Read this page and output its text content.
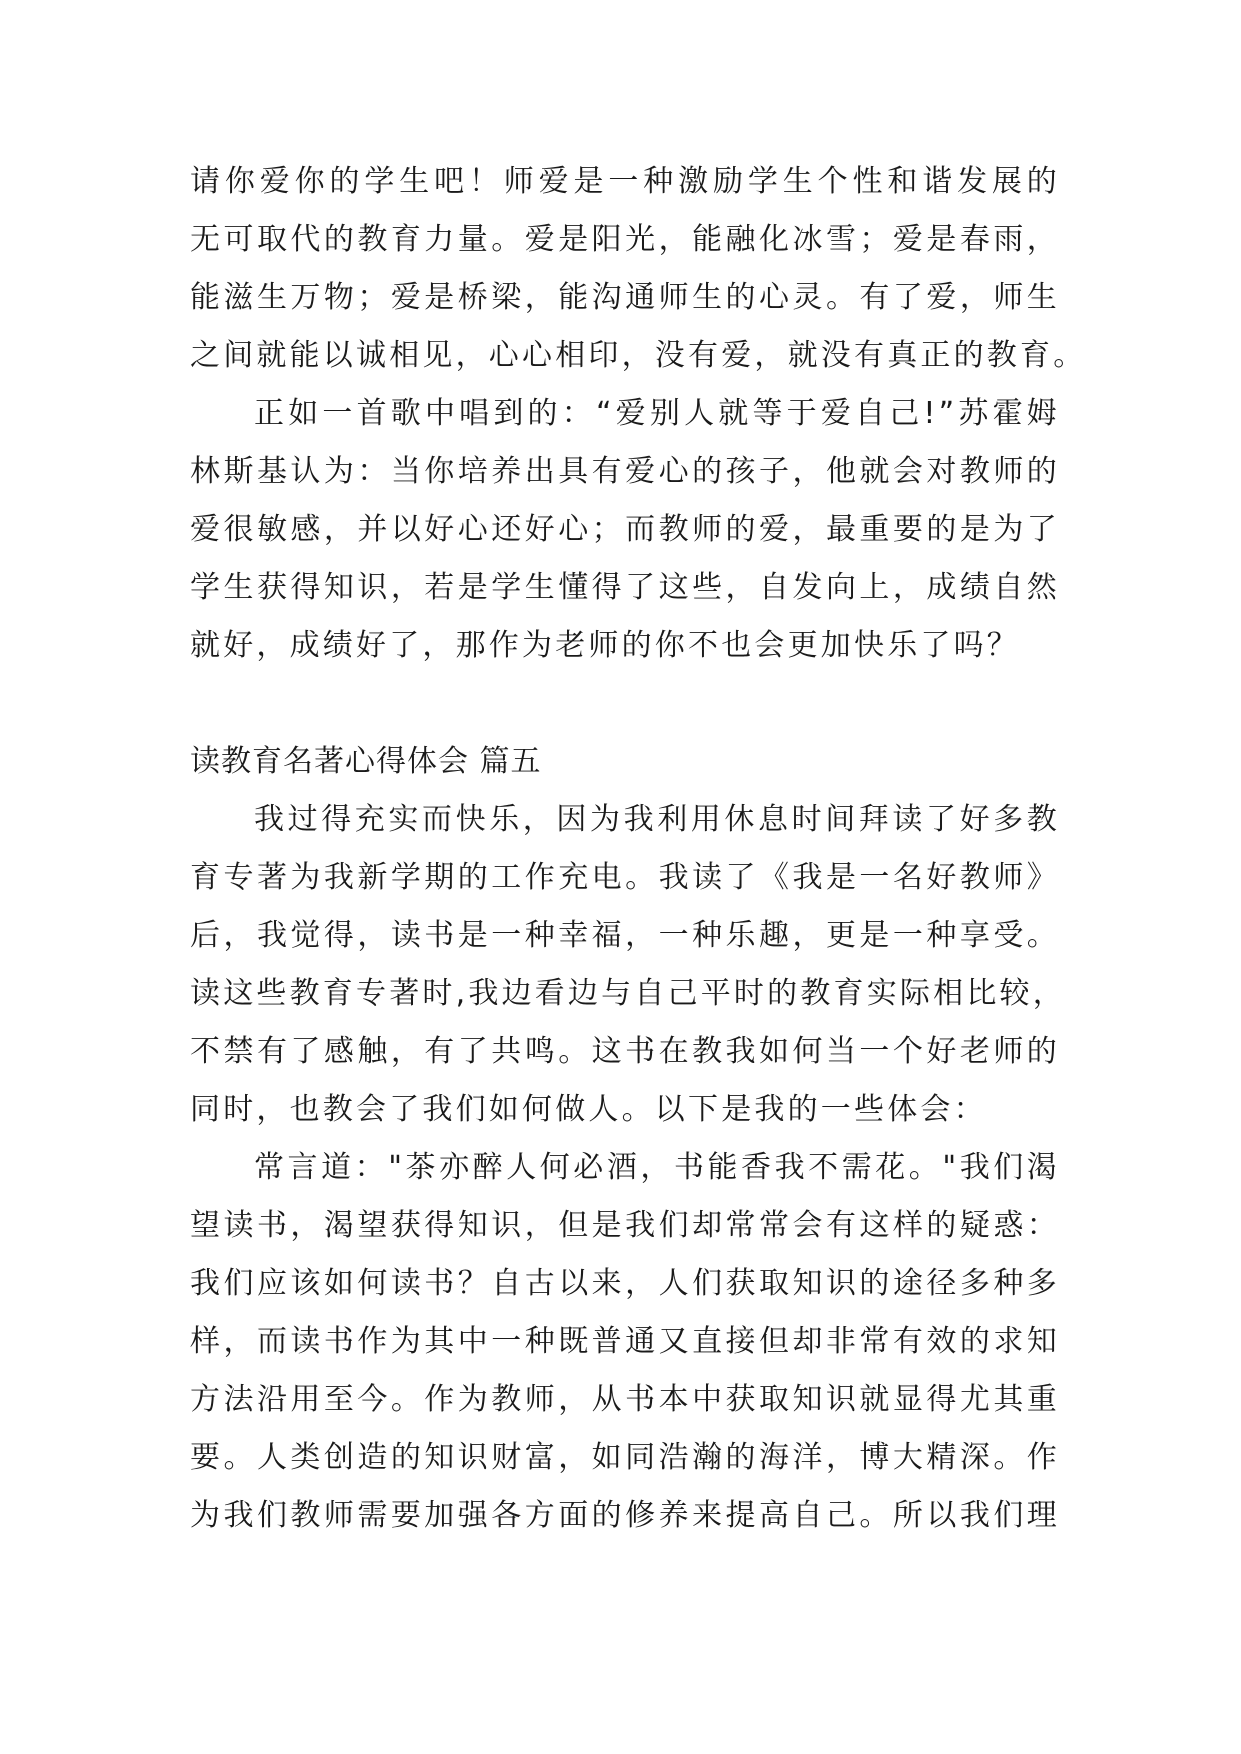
请你爱你的学生吧！师爱是一种激励学生个性和谐发展的
无可取代的教育力量。爱是阳光，能融化冰雪；爱是春雨，
能滋生万物；爱是桥梁，能沟通师生的心灵。有了爱，师生
之间就能以诚相见，心心相印，没有爱，就没有真正的教育。
正如一首歌中唱到的：“爱别人就等于爱自己!”苏霍姆
林斯基认为：当你培养出具有爱心的孩子，他就会对教师的
爱很敏感，并以好心还好心；而教师的爱，最重要的是为了
学生获得知识，若是学生懂得了这些，自发向上，成绩自然
就好，成绩好了，那作为老师的你不也会更加快乐了吗？
读教育名著心得体会 篇五
我过得充实而快乐，因为我利用休息时间拜读了好多教
育专著为我新学期的工作充电。我读了《我是一名好教师》
后，我觉得，读书是一种幸福，一种乐趣，更是一种享受。
读这些教育专著时,我边看边与自己平时的教育实际相比较，
不禁有了感触，有了共鸣。这书在教我如何当一个好老师的
同时，也教会了我们如何做人。以下是我的一些体会：
常言道："茶亦醉人何必酒，书能香我不需花。"我们渴
望读书，渴望获得知识，但是我们却常常会有这样的疑惑：
我们应该如何读书？自古以来，人们获取知识的途径多种多
样，而读书作为其中一种既普通又直接但却非常有效的求知
方法沿用至今。作为教师，从书本中获取知识就显得尤其重
要。人类创造的知识财富，如同浩瀚的海洋，博大精深。作
为我们教师需要加强各方面的修养来提高自己。所以我们理
